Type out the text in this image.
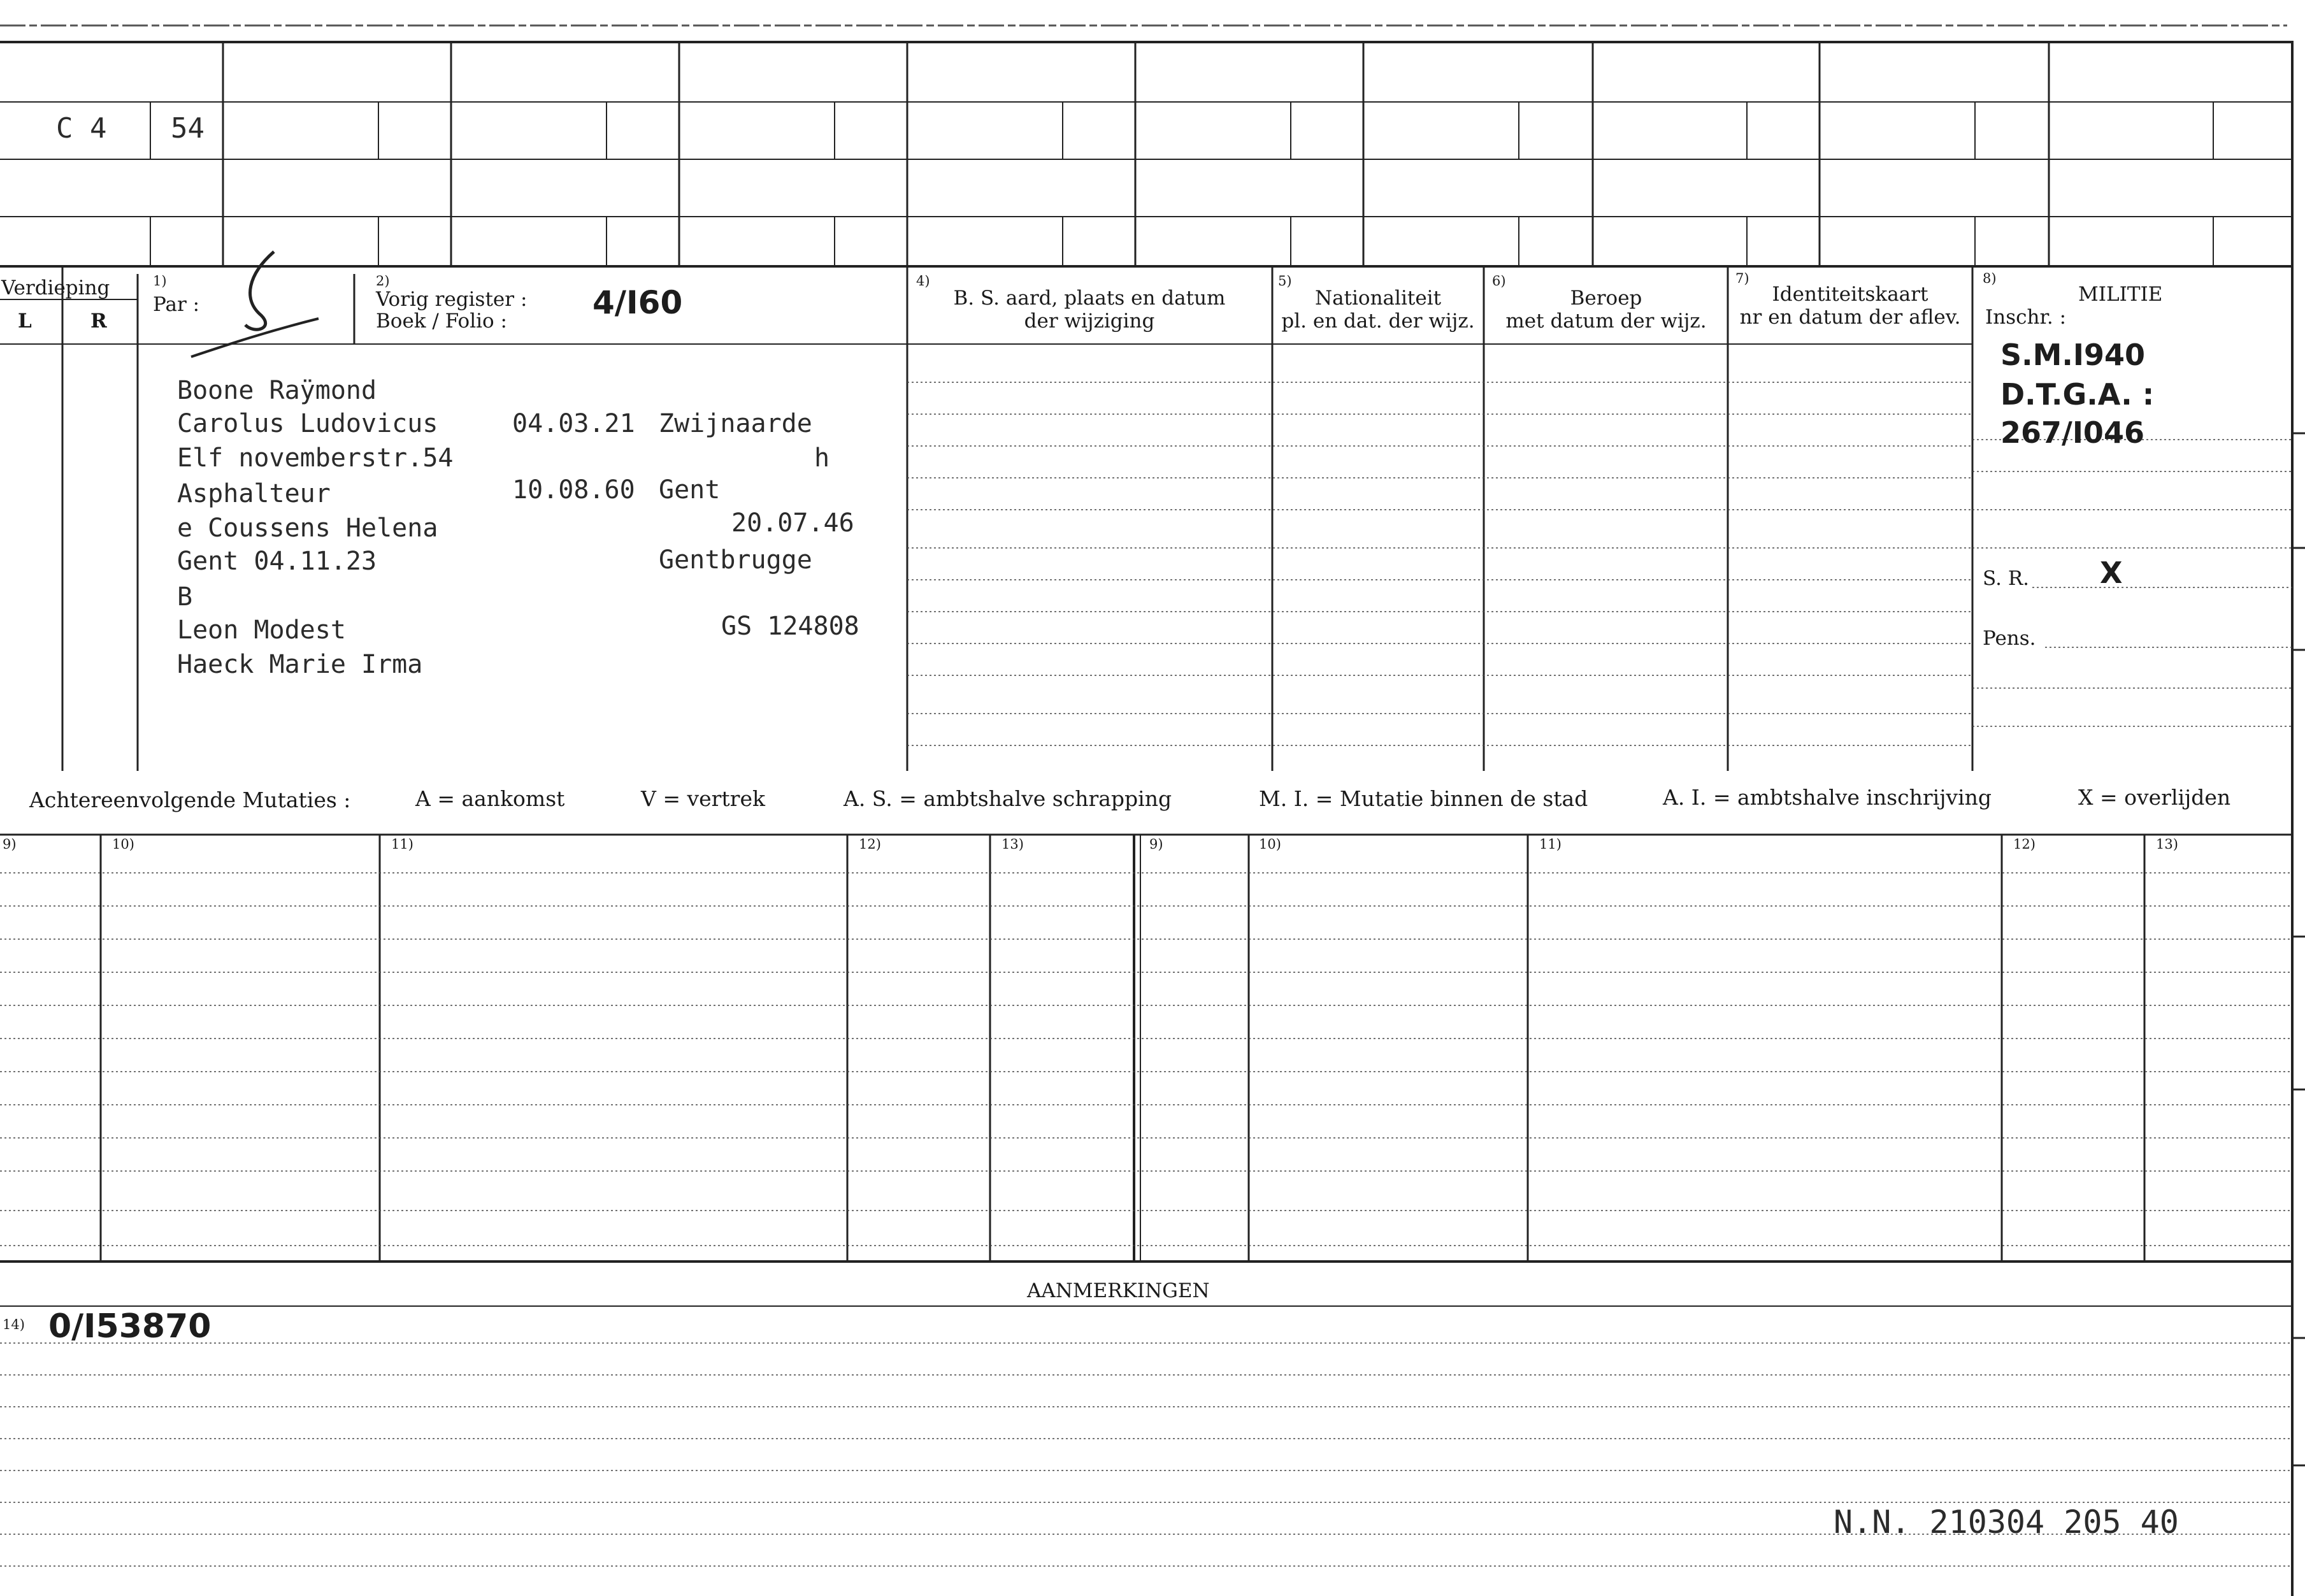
C 4 54
Verdieping
L	R
1)
Par :
2)
Vorig register :
Boek / Folio :	4/I60
4)
B. S. aard, plaats en datum
der wijziging
5)
Nationaliteit
pl. en dat. der wijz.
6)
Beroep
met datum der wijz.
7)
Identiteitskaart
nr en datum der aflev.
8)
MILITIE
Inschr. :
Boone Raÿmond
Carolus Ludovicus	04.03.21 Zwijnaarde
Elf novemberstr.54	h
Asphalteur	10.08.60 Gent
e Coussens Helena	20.07.46
Gent 04.11.23	Gentbrugge
B
Leon Modest	GS 124808
Haeck Marie Irma
S.M.I940
D.T.G.A. :
267/I046
S. R. X
Pens.
Achtereenvolgende Mutaties :	A = aankomst	V = vertrek	A. S. = ambtshalve schrapping	M. I. = Mutatie binnen de stad	A. I. = ambtshalve inschrijving	X = overlijden
9)	10)	11)	12)	13)	9)	10)	11)	12)	13)
AANMERKINGEN
14) 0/I53870
N.N. 210304 205 40
